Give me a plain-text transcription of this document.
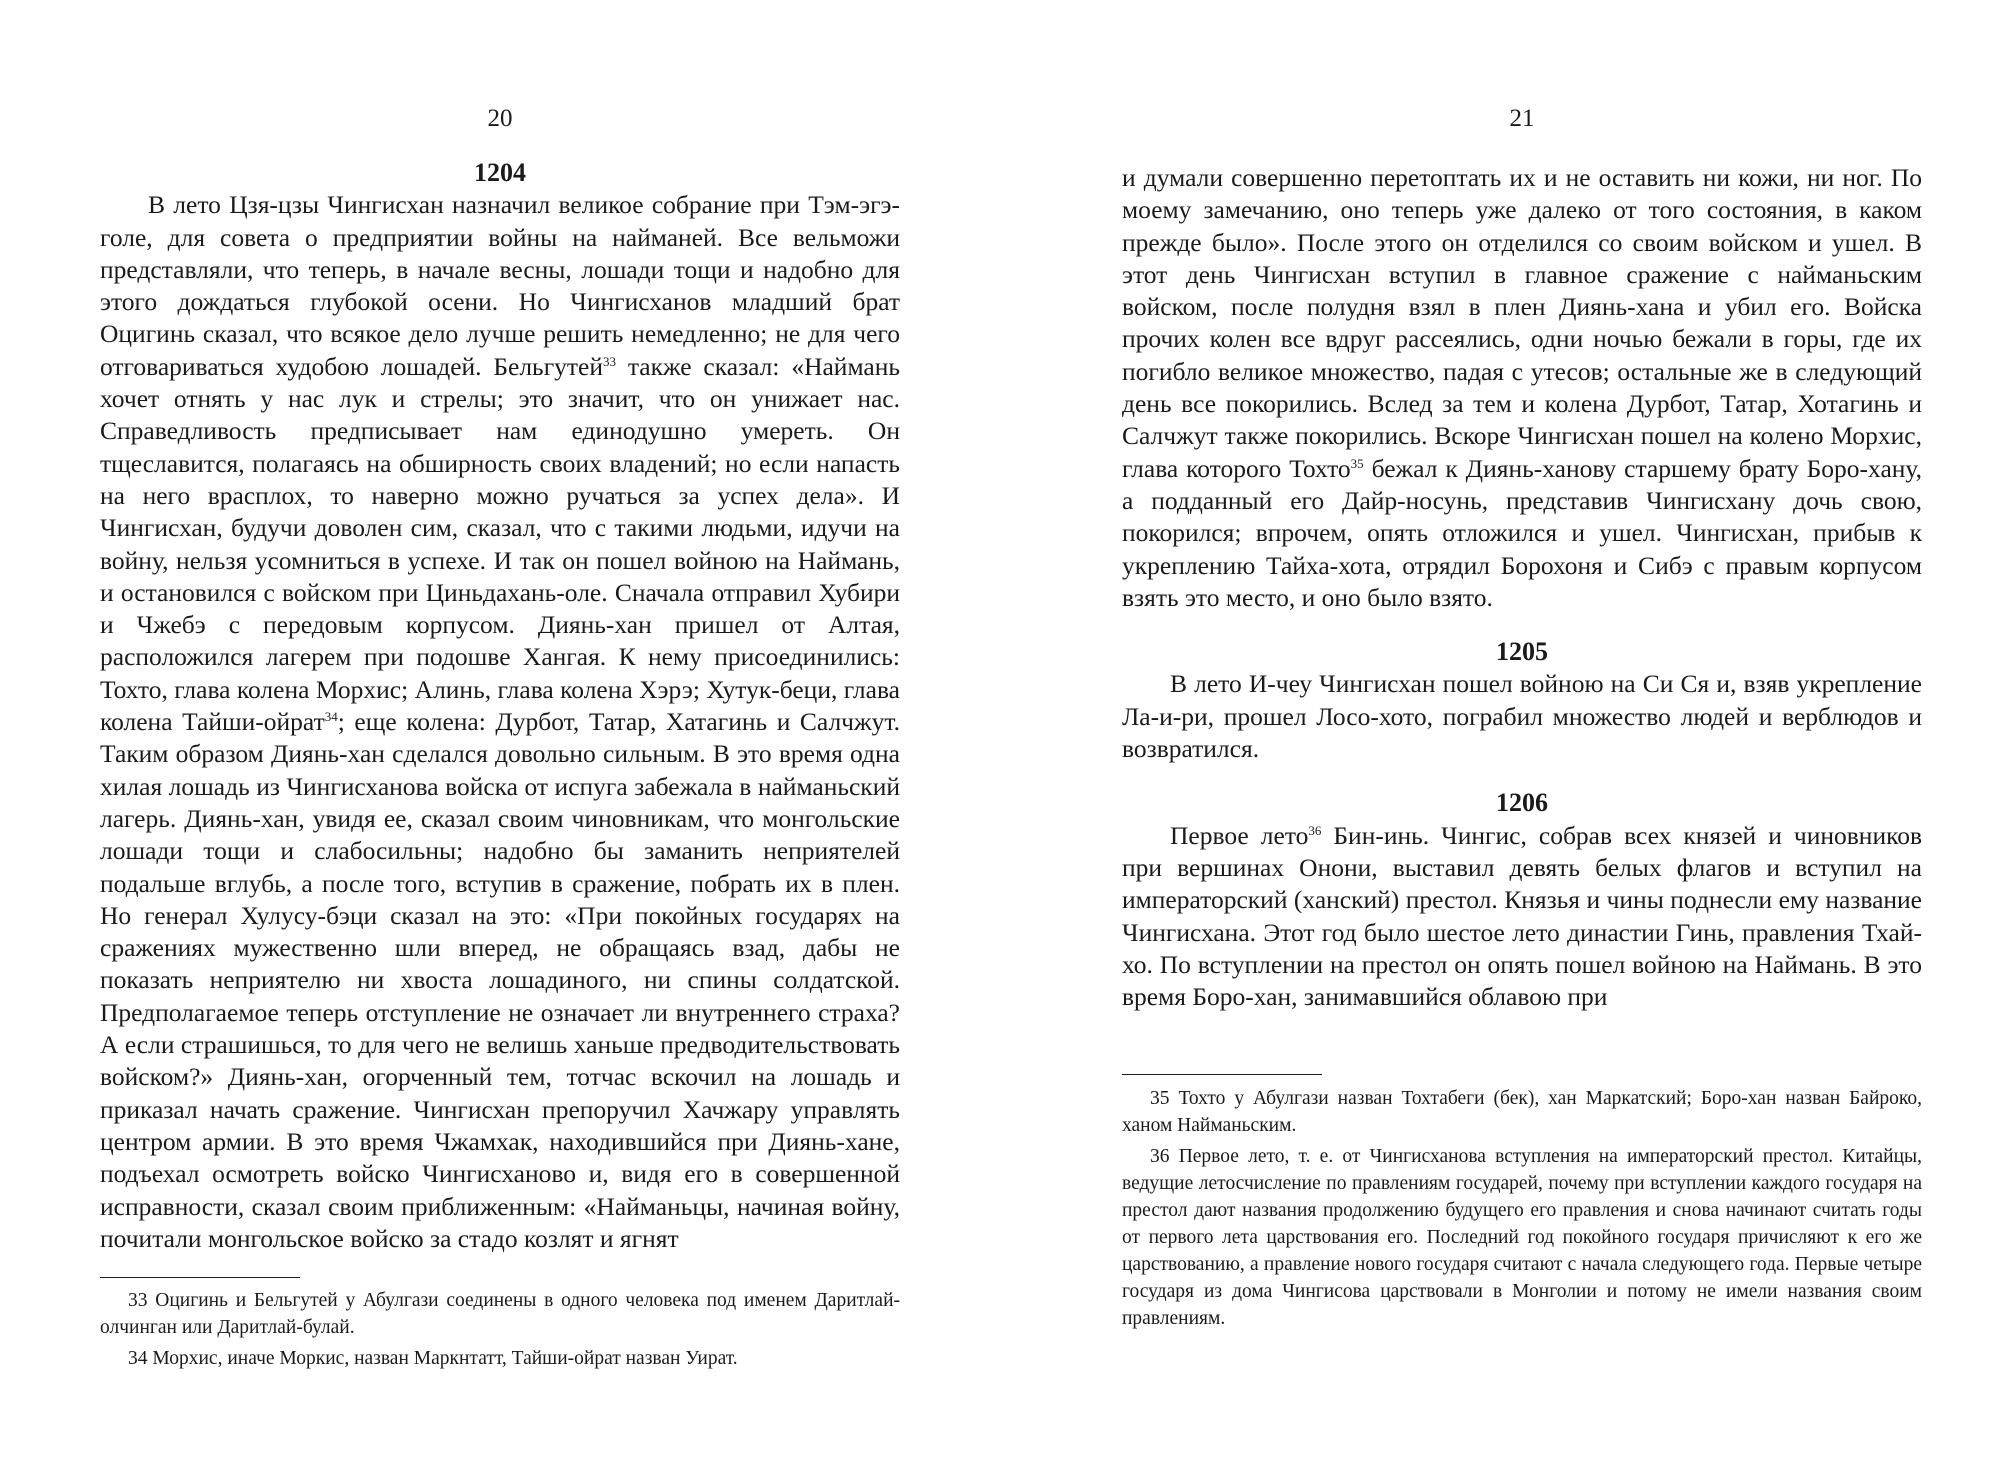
20
1204

В лето Цзя-цзы Чингисхан назначил великое собрание при Тэм-эгэ-голе, для совета о предприятии войны на найманей. Все вельможи представляли, что теперь, в начале весны, лошади тощи и надобно для этого дождаться глубокой осени. Но Чингисханов младший брат Оцигинь сказал, что всякое дело лучше решить немедленно; не для чего отговариваться худобою лошадей. Бельгутей$^{33}$ также сказал: «Наймань хочет отнять у нас лук и стрелы; это значит, что он унижает нас. Справедливость предписывает нам единодушно умереть. Он тщеславится, полагаясь на обширность своих владений; но если напасть на него врасплох, то наверно можно ручаться за успех дела». И Чингисхан, будучи доволен сим, сказал, что с такими людьми, идучи на войну, нельзя усомниться в успехе. И так он пошел войною на Наймань, и остановился с войском при Циньдахань-оле. Сначала отправил Хубири и Чжебэ с передовым корпусом. Диянь-хан пришел от Алтая, расположился лагерем при подошве Хангая. К нему присоединились: Тохто, глава колена Морхис; Алинь, глава колена Хэрэ; Хутук-беци, глава колена Тайши-ойрат$^{34}$; еще колена: Дурбот, Татар, Хатагинь и Салчжут. Таким образом Диянь-хан сделался довольно сильным. В это время одна хилая лошадь из Чингисханова войска от испуга забежала в найманьский лагерь. Диянь-хан, увидя ее, сказал своим чиновникам, что монгольские лошади тощи и слабосильны; надобно бы заманить неприятелей подальше вглубь, а после того, вступив в сражение, побрать их в плен. Но генерал Хулусу-бэци сказал на это: «При покойных государях на сражениях мужественно шли вперед, не обращаясь взад, дабы не показать неприятелю ни хвоста лошадиного, ни спины солдатской. Предполагаемое теперь отступление не означает ли внутреннего страха? А если страшишься, то для чего не велишь ханьше предводительствовать войском?» Диянь-хан, огорченный тем, тотчас вскочил на лошадь и приказал начать сражение. Чингисхан препоручил Хачжару управлять центром армии. В это время Чжамхак, находившийся при Диянь-хане, подъехал осмотреть войско Чингисханово и, видя его в совершенной исправности, сказал своим приближенным: «Найманьцы, начиная войну, почитали монгольское войско за стадо козлят и ягнят

33 Оцигинь и Бельгутей у Абулгази соединены в одного человека под именем Даритлай-олчинган или Даритлай-булай.

34 Морхис, иначе Моркис, назван Маркнтатт, Тайши-ойрат назван Уират.

21

и думали совершенно перетоптать их и не оставить ни кожи, ни ног. По моему замечанию, оно теперь уже далеко от того состояния, в каком прежде было». После этого он отделился со своим войском и ушел. В этот день Чингисхан вступил в главное сражение с найманьским войском, после полудня взял в плен Диянь-хана и убил его. Войска прочих колен все вдруг рассеялись, одни ночью бежали в горы, где их погибло великое множество, падая с утесов; остальные же в следующий день все покорились. Вслед за тем и колена Дурбот, Татар, Хотагинь и Салчжут также покорились. Вскоре Чингисхан пошел на колено Морхис, глава которого Тохто$^{35}$ бежал к Диянь-ханову старшему брату Боро-хану, а подданный его Дайр-носунь, представив Чингисхану дочь свою, покорился; впрочем, опять отложился и ушел. Чингисхан, прибыв к укреплению Тайха-хота, отрядил Борохоня и Сибэ с правым корпусом взять это место, и оно было взято.

1205

В лето И-чеу Чингисхан пошел войною на Си Ся и, взяв укрепление Ла-и-ри, прошел Лосо-хото, пограбил множество людей и верблюдов и возвратился.

1206

Первое лето$^{36}$ Бин-инь. Чингис, собрав всех князей и чиновников при вершинах Онони, выставил девять белых флагов и вступил на императорский (ханский) престол. Князья и чины поднесли ему название Чингисхана. Этот год было шестое лето династии Гинь, правления Тхай-хо. По вступлении на престол он опять пошел войною на Наймань. В это время Боро-хан, занимавшийся облавою при

35 Тохто у Абулгази назван Тохтабеги (бек), хан Маркатский; Боро-хан назван Байроко, ханом Найманьским.

36 Первое лето, т. е. от Чингисханова вступления на императорский престол. Китайцы, ведущие летосчисление по правлениям государей, почему при вступлении каждого государя на престол дают названия продолжению будущего его правления и снова начинают считать годы от первого лета царствования его. Последний год покойного государя причисляют к его же царствованию, а правление нового государя считают с начала следующего года. Первые четыре государя из дома Чингисова царствовали в Монголии и потому не имели названия своим правлениям.
